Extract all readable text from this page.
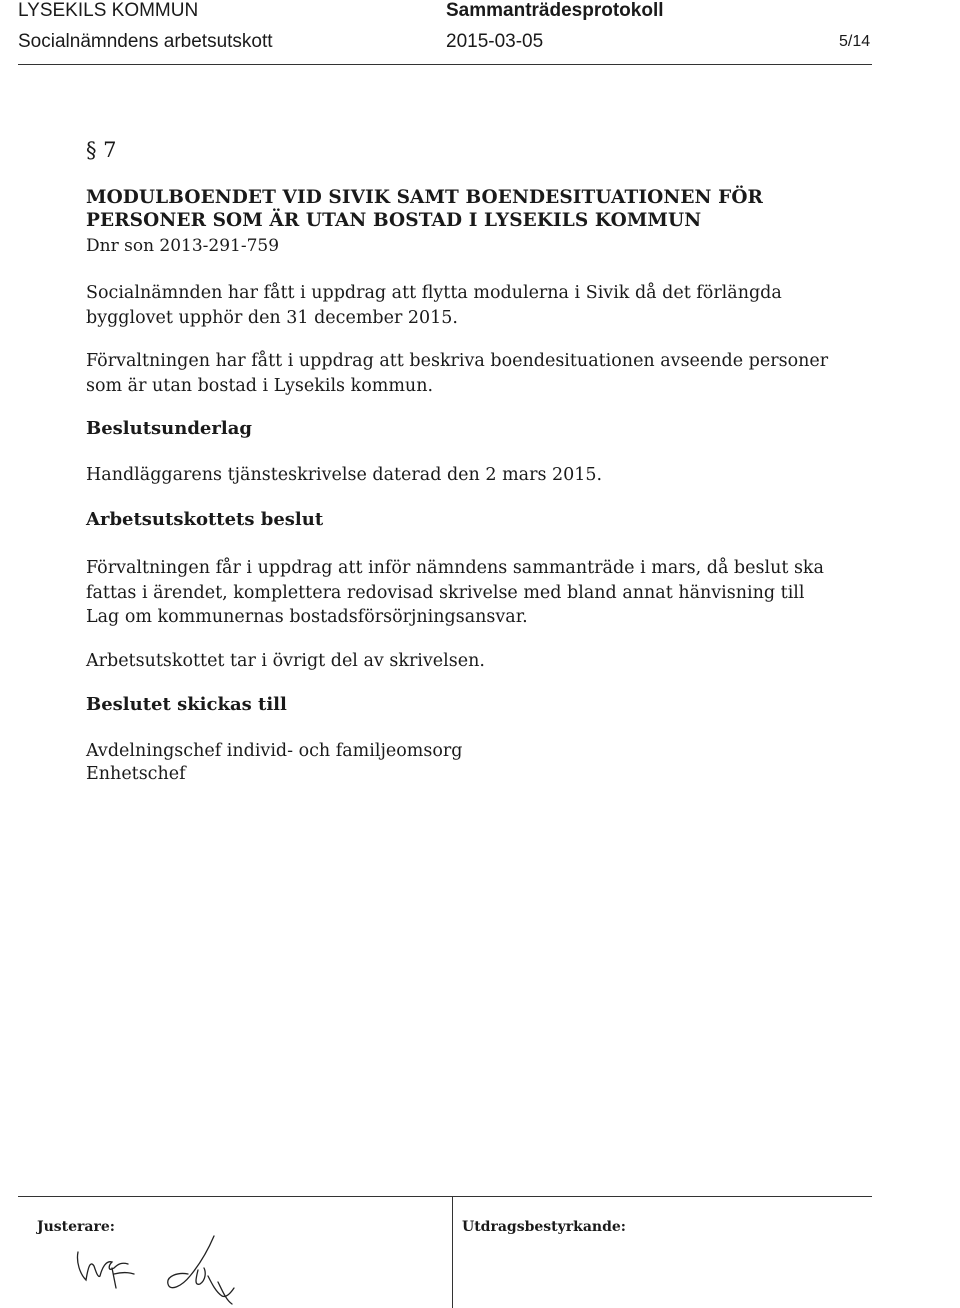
LYSEKILS KOMMUN
Socialnämndens arbetsutskott
Sammanträdesprotokoll
2015-03-05	5/14
§ 7
MODULBOENDET VID SIVIK SAMT BOENDESITUATIONEN FÖR
PERSONER SOM ÄR UTAN BOSTAD I LYSEKILS KOMMUN
Dnr son 2013-291-759
Socialnämnden har fått i uppdrag att flytta modulerna i Sivik då det förlängda
bygglovet upphör den 31 december 2015.
Förvaltningen har fått i uppdrag att beskriva boendesituationen avseende personer
som är utan bostad i Lysekils kommun.
Beslutsunderlag
Handläggarens tjänsteskrivelse daterad den 2 mars 2015.
Arbetsutskottets beslut
Förvaltningen får i uppdrag att inför nämndens sammanträde i mars, då beslut ska
fattas i ärendet, komplettera redovisad skrivelse med bland annat hänvisning till
Lag om kommunernas bostadsförsörjningsansvar.
Arbetsutskottet tar i övrigt del av skrivelsen.
Beslutet skickas till
Avdelningschef individ- och familjeomsorg
Enhetschef
Justerare:	Utdragsbestyrkande:
